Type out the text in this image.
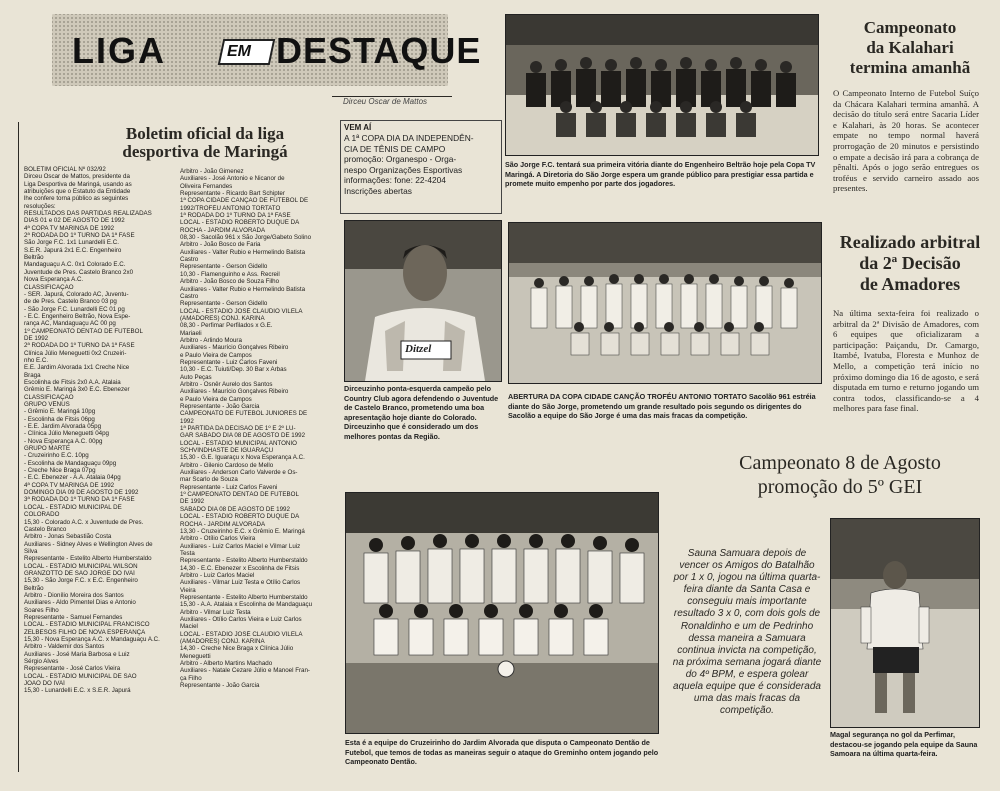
LIGA	EM DESTAQUE
Dirceu Oscar de Mattos
Boletim oficial da liga
desportiva de Maringá
BOLETIM OFICIAL Nº 032/92
Dirceu Oscar de Mattos, presidente da
Liga Desportiva de Maringá, usando as
atribuições que o Estatuto da Entidade
lhe confere torna público as seguintes
resoluções:
RESULTADOS DAS PARTIDAS REALIZADAS
DIAS 01 e 02 DE AGOSTO DE 1992
4ª COPA TV MARINGÁ DE 1992
2ª RODADA DO 1º TURNO DA 1ª FASE
São Jorge F.C. 1x1 Lunardelli E.C.
S.E.R. Japurá 2x1 E.C. Engenheiro
Beltrão
Mandaguaçu A.C. 0x1 Colorado E.C.
Juventude de Pres. Castelo Branco 2x0
Nova Esperança A.C.
CLASSIFICAÇÃO
- SER. Japurá, Colorado AC, Juventu-
de de Pres. Castelo Branco 03 pg
- São Jorge F.C. Lunardelli EC 01 pg
- E.C. Engenheiro Beltrão, Nova Espe-
rança AC, Mandaguaçu AC 00 pg
1º CAMPEONATO DENTÃO DE FUTEBOL
DE 1992
2ª RODADA DO 1º TURNO DA 1ª FASE
Clínica Júlio Meneguetti 0x2 Cruzeiri-
nho E.C.
E.E. Jardim Alvorada 1x1 Creche Nice
Braga
Escolinha de Fitsis 2x0 A.A. Atalaia
Grêmio E. Maringá 3x0 E.C. Ebenezer
CLASSIFICAÇÃO
GRUPO VÊNUS
- Grêmio E. Maringá 10pg
- Escolinha de Fitsis 06pg
- E.E. Jardim Alvorada 05pg
- Clínica Júlio Meneguetti 04pg
- Nova Esperança A.C. 00pg
GRUPO MARTE
- Cruzeirinho E.C. 10pg
- Escolinha de Mandaguaçu 09pg
- Creche Nice Braga 07pg
- E.C. Ebenezer - A.A. Atalaia 04pg
4ª COPA TV MARINGÁ DE 1992
DOMINGO DIA 09 DE AGOSTO DE 1992
3ª RODADA DO 1º TURNO DA 1ª FASE
LOCAL - ESTÁDIO MUNICIPAL DE
COLORADO
15,30 - Colorado A.C. x Juventude de Pres.
Castelo Branco
Árbitro - Jonas Sebastião Costa
Auxiliares - Sidney Alves e Wellington Alves de
Silva
Representante - Estelito Alberto Humberstaldo
LOCAL - ESTÁDIO MUNICIPAL WILSON
GRANZOTTO DE SÃO JORGE DO IVAÍ
15,30 - São Jorge F.C. x E.C. Engenheiro
Beltrão
Árbitro - Dionílio Moreira dos Santos
Auxiliares - Aldo Pimentel Dias e Antonio
Soares Filho
Representante - Samuel Fernandes
LOCAL - ESTÁDIO MUNICIPAL FRANCISCO
ZELBESOS FILHO DE NOVA ESPERANÇA
15,30 - Nova Esperança A.C. x Mandaguaçu A.C.
Árbitro - Valdemir dos Santos
Auxiliares - José Maria Barbosa e Luiz
Sérgio Alves
Representante - José Carlos Vieira
LOCAL - ESTÁDIO MUNICIPAL DE SÃO
JOÃO DO IVAÍ
15,30 - Lunardelli E.C. x S.E.R. Japurá
Árbitro - João Gimenez
Auxiliares - José Antonio e Nicanor de
Oliveira Fernandes
Representante - Ricardo Bart Schipter
1ª COPA CIDADE CANÇÃO DE FUTEBOL DE
1992/TROFÉU ANTONIO TORTATO
1ª RODADA DO 1º TURNO DA 1ª FASE
LOCAL - ESTÁDIO ROBERTO DUQUE DA
ROCHA - JARDIM ALVORADA
08,30 - Sacolão 961 x São Jorge/Gabeto Solino
Árbitro - João Bosco de Faria
Auxiliares - Valter Rubio e Hermelindo Batista
Castro
Representante - Gerson Gidello
10,30 - Flamenguinho e Ass. Recreil
Árbitro - João Bosco de Souza Filho
Auxiliares - Valter Rubio e Hermelindo Batista
Castro
Representante - Gerson Gidello
LOCAL - ESTÁDIO JOSÉ CLAUDIO VILELA
(AMADORES) CONJ. KARINA
08,30 - Perfimar Perfilados x G.E.
Mariaeli
Árbitro - Arlindo Moura
Auxiliares - Maurício Gonçalves Ribeiro
e Paulo Vieira de Campos
Representante - Luiz Carlos Faveni
10,30 - E.C. Tuiuti/Dep. 30 Bar x Arbas
Auto Peças
Árbitro - Osnêr Aurelo dos Santos
Auxiliares - Maurício Gonçalves Ribeiro
e Paulo Vieira de Campos
Representante - João Garcia
CAMPEONATO DE FUTEBOL JUNIORES DE
1992
1ª PARTIDA DA DECISÃO DE 1º E 2º LU-
GAR SÁBADO DIA 08 DE AGOSTO DE 1992
LOCAL - ESTÁDIO MUNICIPAL ANTONIO
SCHVINDHASTE DE IGUARAÇU
15,30 - G.E. Iguaraçu x Nova Esperança A.C.
Árbitro - Gilenio Cardoso de Mello
Auxiliares - Anderson Carlo Valverde e Os-
mar Scarlo de Souza
Representante - Luiz Carlos Faveni
1º CAMPEONATO DENTÃO DE FUTEBOL
DE 1992
SÁBADO DIA 08 DE AGOSTO DE 1992
LOCAL - ESTÁDIO ROBERTO DUQUE DA
ROCHA - JARDIM ALVORADA
13,30 - Cruzeirinho E.C. x Grêmio E. Maringá
Árbitro - Otílio Carlos Vieira
Auxiliares - Luiz Carlos Maciel e Vilmar Luiz
Testa
Representante - Estelito Alberto Humberstaldo
14,30 - E.C. Ebenezer x Escolinha de Fitsis
Árbitro - Luiz Carlos Maciel
Auxiliares - Vilmar Luiz Testa e Otílio Carlos
Vieira
Representante - Estelito Alberto Humberstaldo
15,30 - A.A. Atalaia x Escolinha de Mandaguaçu
Árbitro - Vilmar Luiz Testa
Auxiliares - Otílio Carlos Vieira e Luiz Carlos
Maciel
LOCAL - ESTÁDIO JOSÉ CLAUDIO VILELA
(AMADORES) CONJ. KARINA
14,30 - Creche Nice Braga x Clínica Júlio
Meneguetti
Árbitro - Alberto Martins Machado
Auxiliares - Natale Cezare Júlio e Manoel Fran-
ça Filho
Representante - João Garcia
VEM AÍ
A 1ª COPA DIA DA INDEPENDÊN-
CIA DE TÊNIS DE CAMPO
promoção: Organespo - Orga-
nespo Organizações Esportivas
informações: fone: 22-4204
Inscrições abertas
São Jorge F.C. tentará sua primeira vitória diante do Engenheiro Beltrão hoje pela Copa TV Maringá. A Diretoria do São Jorge espera um grande público para prestigiar essa partida e promete muito empenho por parte dos jogadores.
Campeonato
da Kalahari
termina amanhã
O Campeonato Interno de Futebol Suíço da Chácara Kalahari termina amanhã. A decisão do título será entre Sacaria Líder e Kalahari, às 20 horas. Se acontecer empate no tempo normal haverá prorrogação de 20 minutos e persistindo o empate a decisão irá para a cobrança de pênalti. Após o jogo serão entregues os troféus e servido carneiro assado aos presentes.
Ditzel
Dirceuzinho ponta-esquerda campeão pelo Country Club agora defendendo o Juventude de Castelo Branco, prometendo uma boa apresentação hoje diante do Colorado. Dirceuzinho que é considerado um dos melhores pontas da Região.
ABERTURA DA COPA CIDADE CANÇÃO TROFÉU ANTONIO TORTATO Sacolão 961 estréia diante do São Jorge, prometendo um grande resultado pois segundo os dirigentes do Sacolão a equipe do São Jorge é uma das mais fracas da competição.
Realizado arbitral
da 2ª Decisão
de Amadores
Na última sexta-feira foi realizado o arbitral da 2ª Divisão de Amadores, com 6 equipes que oficializaram a participação: Paiçandu, Dr. Camargo, Itambé, Ivatuba, Floresta e Munhoz de Mello, a competição terá início no próximo domingo dia 16 de agosto, e será disputada em turno e returno jogando um contra todos, classificando-se a 4 melhores para fase final.
Campeonato 8 de Agosto
promoção do 5º GEI
Sauna Samuara depois de vencer os Amigos do Batalhão por 1 x 0, jogou na última quarta-feira diante da Santa Casa e conseguiu mais importante resultado 3 x 0, com dois gols de Ronaldinho e um de Pedrinho dessa maneira a Samuara continua invicta na competição, na próxima semana jogará diante do 4º BPM, e espera golear aquela equipe que é considerada uma das mais fracas da competição.
Esta é a equipe do Cruzeirinho do Jardim Alvorada que disputa o Campeonato Dentão de Futebol, que temos de todas as maneiras seguir o ataque do Greminho ontem jogando pelo Campeonato Dentão.
Magal segurança no gol da Perfimar, destacou-se jogando pela equipe da Sauna Samoara na última quarta-feira.
